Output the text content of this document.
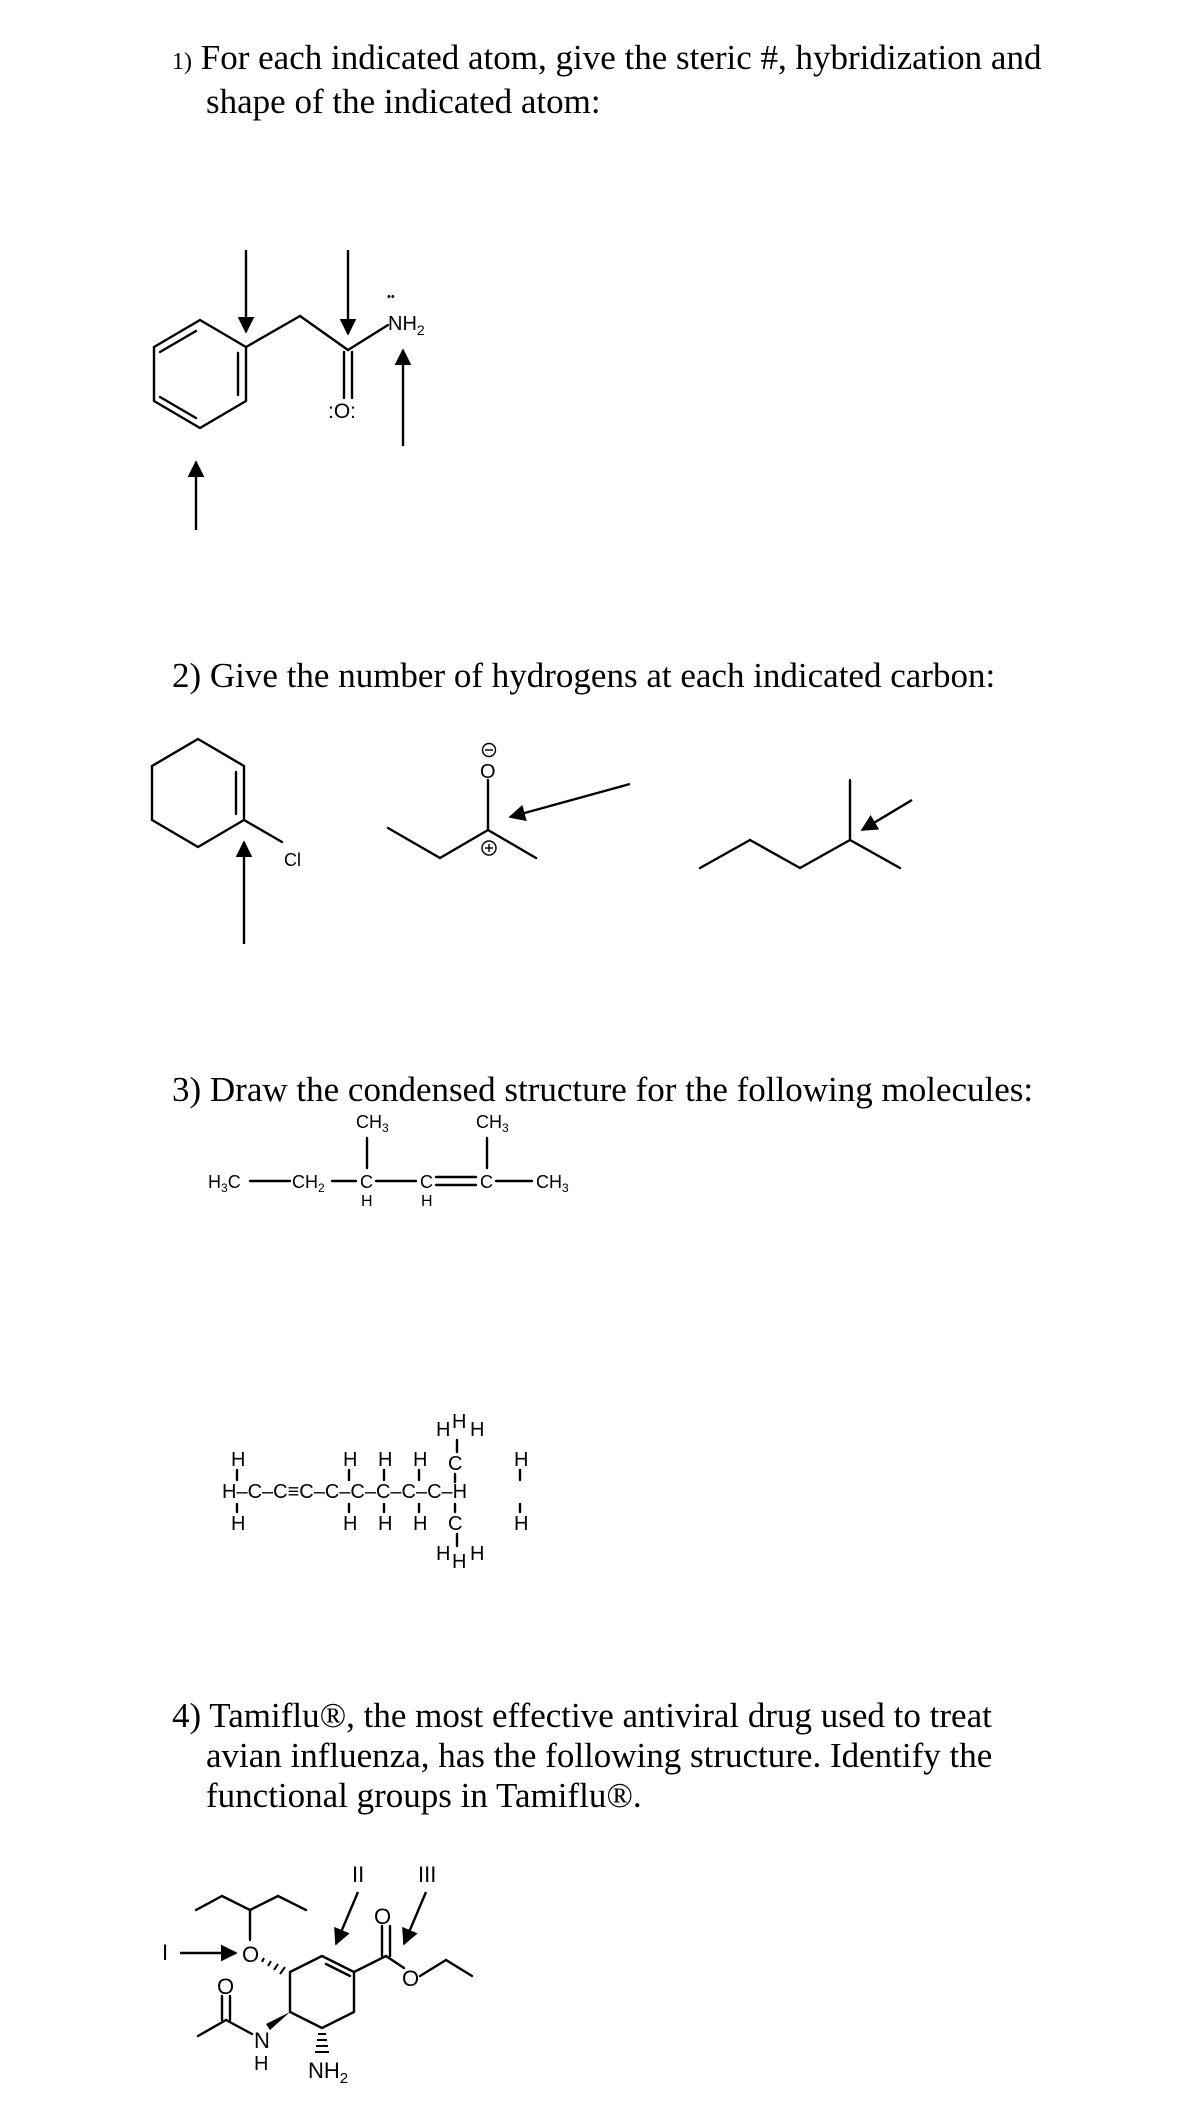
1) For each indicated atom, give the steric #, hybridization and
shape of the indicated atom:
2) Give the number of hydrogens at each indicated carbon:
3) Draw the condensed structure for the following molecules:
4) Tamiflu®, the most effective antiviral drug used to treat
avian influenza, has the following structure. Identify the
functional groups in Tamiflu®.
:O:
••
$NH_2$
Cl
O
$H_3C$	$CH_2$ C
$CH_3$
H
C
H
C
$CH_3$
$CH_3$
H–C–C≡C–C–C–C–C–C–H
H
H
H H H
H H H
C
H H H
C
H H H
H
H
I
II III
O
O
O
N
H
O
$NH_2$
